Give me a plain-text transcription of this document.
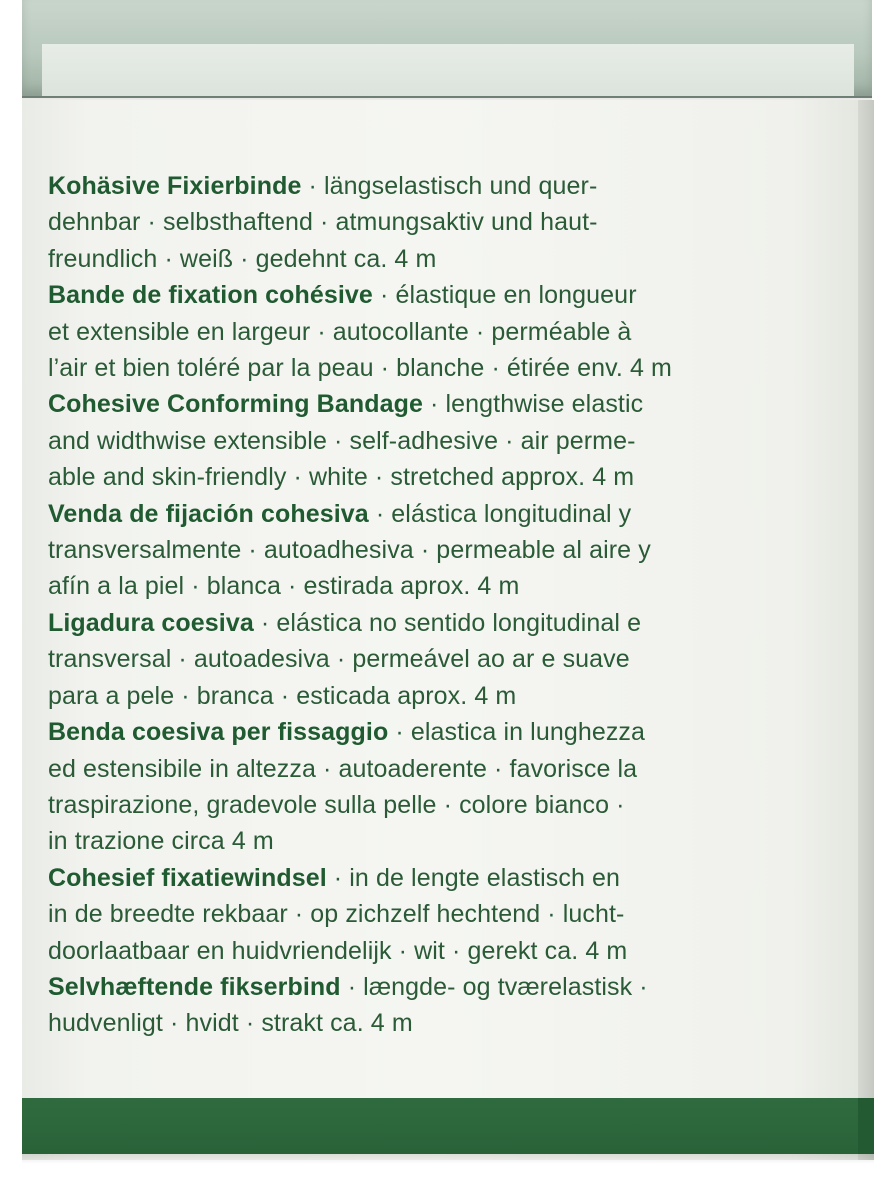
Kohäsive Fixierbinde · längselastisch und quer-
dehnbar · selbsthaftend · atmungsaktiv und haut-
freundlich · weiß · gedehnt ca. 4 m
Bande de fixation cohésive · élastique en longueur
et extensible en largeur · autocollante · perméable à
l’air et bien toléré par la peau · blanche · étirée env. 4 m
Cohesive Conforming Bandage · lengthwise elastic
and widthwise extensible · self-adhesive · air perme-
able and skin-friendly · white · stretched approx. 4 m
Venda de fijación cohesiva · elástica longitudinal y
transversalmente · autoadhesiva · permeable al aire y
afín a la piel · blanca · estirada aprox. 4 m
Ligadura coesiva · elástica no sentido longitudinal e
transversal · autoadesiva · permeável ao ar e suave
para a pele · branca · esticada aprox. 4 m
Benda coesiva per fissaggio · elastica in lunghezza
ed estensibile in altezza · autoaderente · favorisce la
traspirazione, gradevole sulla pelle · colore bianco ·
in trazione circa 4 m
Cohesief fixatiewindsel · in de lengte elastisch en
in de breedte rekbaar · op zichzelf hechtend · lucht-
doorlaatbaar en huidvriendelijk · wit · gerekt ca. 4 m
Selvhæftende fikserbind · længde- og tværelastisk ·
hudvenligt · hvidt · strakt ca. 4 m
